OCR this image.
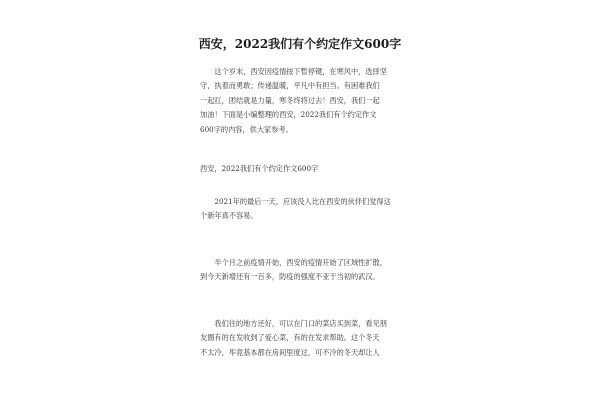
西安，2022我们有个约定作文600字

　　这个岁末，西安因疫情按下暂停键，在寒风中，选择坚
守，执着而勇敢；传递温暖，平凡中有担当。有困难我们
一起扛，团结就是力量，寒冬终将过去！西安，我们一起
加油！下面是小编整理的西安，2022我们有个约定作文
600字的内容，供大家参考。

西安，2022我们有个约定作文600字

　　2021年的最后一天，应该没人比在西安的伙伴们觉得这
个新年真不容易。

　　半个月之前疫情开始，西安的疫情开始了区域性扩散，
到今天新增还有一百多，防疫的强度不亚于当初的武汉。

　　我们住的地方还好，可以在门口的菜店买到菜，看见朋
友圈有的在发收到了爱心菜，有的在发求帮助。这个冬天
不太冷，毕竟基本都在房间里度过，可不冷的冬天却让人
